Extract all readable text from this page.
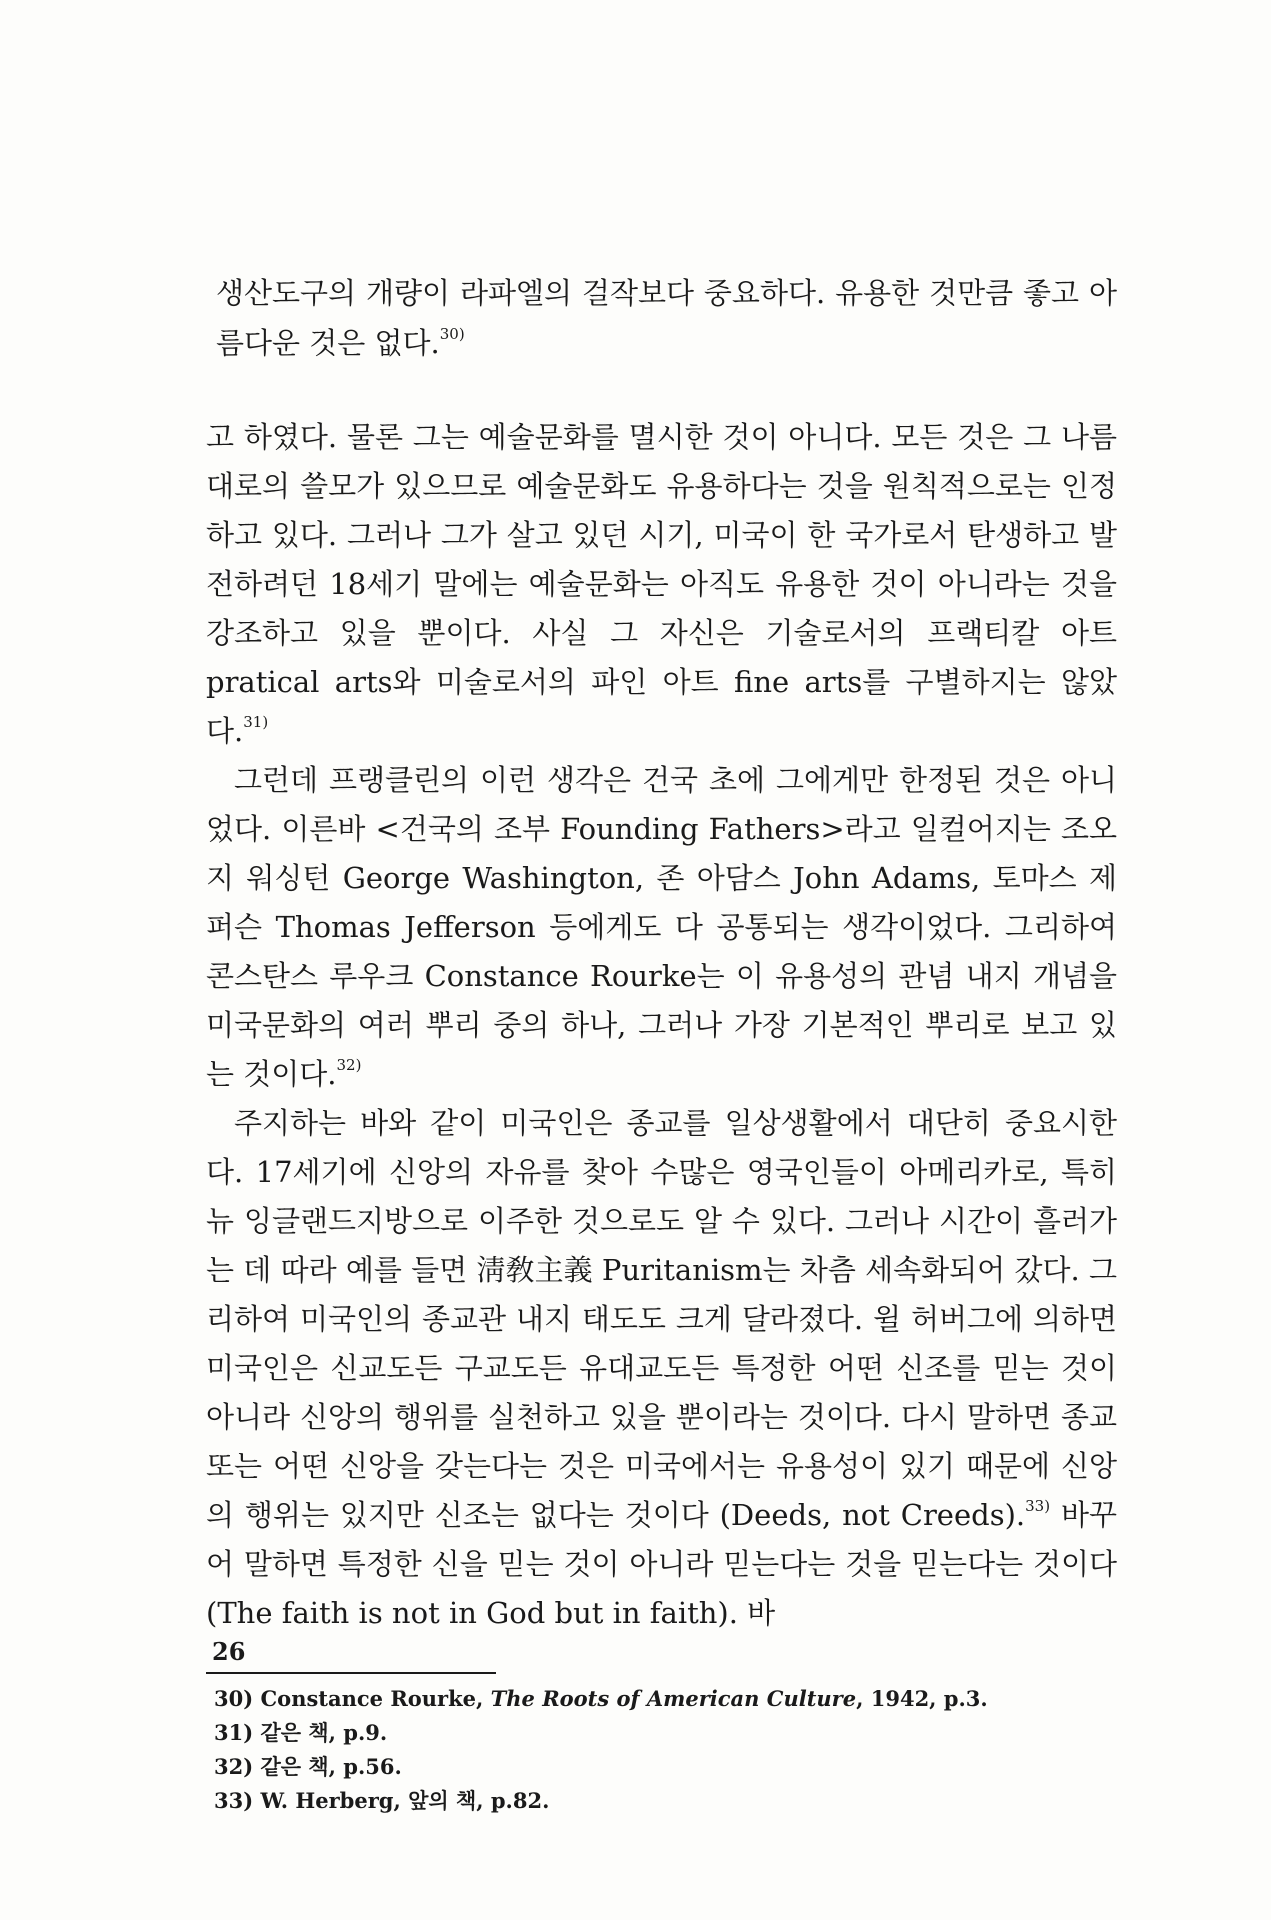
생산도구의 개량이 라파엘의 걸작보다 중요하다. 유용한 것만큼 좋고 아름다운 것은 없다.$^{30)}$

고 하였다. 물론 그는 예술문화를 멸시한 것이 아니다. 모든 것은 그 나름대로의 쓸모가 있으므로 예술문화도 유용하다는 것을 원칙적으로는 인정하고 있다. 그러나 그가 살고 있던 시기, 미국이 한 국가로서 탄생하고 발전하려던 18세기 말에는 예술문화는 아직도 유용한 것이 아니라는 것을 강조하고 있을 뿐이다. 사실 그 자신은 기술로서의 프랙티칼 아트 pratical arts와 미술로서의 파인 아트 fine arts를 구별하지는 않았다.$^{31)}$

그런데 프랭클린의 이런 생각은 건국 초에 그에게만 한정된 것은 아니었다. 이른바 <건국의 조부 Founding Fathers>라고 일컬어지는 조오지 워싱턴 George Washington, 존 아담스 John Adams, 토마스 제퍼슨 Thomas Jefferson 등에게도 다 공통되는 생각이었다. 그리하여 콘스탄스 루우크 Constance Rourke는 이 유용성의 관념 내지 개념을 미국문화의 여러 뿌리 중의 하나, 그러나 가장 기본적인 뿌리로 보고 있는 것이다.$^{32)}$

주지하는 바와 같이 미국인은 종교를 일상생활에서 대단히 중요시한다. 17세기에 신앙의 자유를 찾아 수많은 영국인들이 아메리카로, 특히 뉴 잉글랜드지방으로 이주한 것으로도 알 수 있다. 그러나 시간이 흘러가는 데 따라 예를 들면 淸敎主義 Puritanism는 차츰 세속화되어 갔다. 그리하여 미국인의 종교관 내지 태도도 크게 달라졌다. 윌 허버그에 의하면 미국인은 신교도든 구교도든 유대교도든 특정한 어떤 신조를 믿는 것이 아니라 신앙의 행위를 실천하고 있을 뿐이라는 것이다. 다시 말하면 종교 또는 어떤 신앙을 갖는다는 것은 미국에서는 유용성이 있기 때문에 신앙의 행위는 있지만 신조는 없다는 것이다 (Deeds, not Creeds).$^{33)}$ 바꾸어 말하면 특정한 신을 믿는 것이 아니라 믿는다는 것을 믿는다는 것이다(The faith is not in God but in faith). 바

30) Constance Rourke, The Roots of American Culture, 1942, p.3.
31) 같은 책, p.9.
32) 같은 책, p.56.
33) W. Herberg, 앞의 책, p.82.
26
